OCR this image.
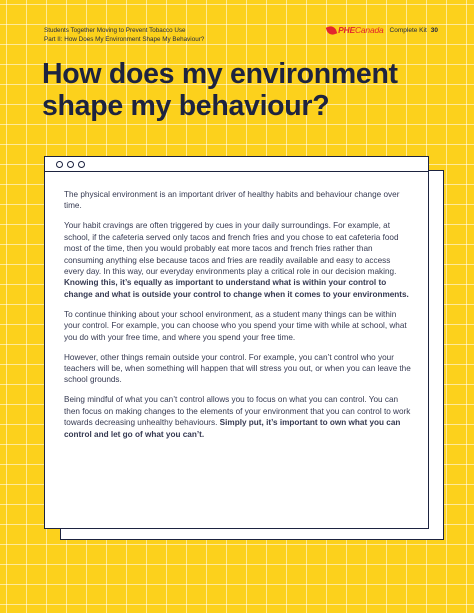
Students Together Moving to Prevent Tobacco Use
Part II: How Does My Environment Shape My Behaviour?
PHECanada Complete Kit 30
How does my environment
shape my behaviour?

The physical environment is an important driver of healthy habits and behaviour change over time.

Your habit cravings are often triggered by cues in your daily surroundings. For example, at school, if the cafeteria served only tacos and french fries and you chose to eat cafeteria food most of the time, then you would probably eat more tacos and french fries rather than consuming anything else because tacos and fries are readily available and easy to access every day. In this way, our everyday environments play a critical role in our decision making. Knowing this, it’s equally as important to understand what is within your control to change and what is outside your control to change when it comes to your environments.

To continue thinking about your school environment, as a student many things can be within your control. For example, you can choose who you spend your time with while at school, what you do with your free time, and where you spend your free time.

However, other things remain outside your control. For example, you can’t control who your teachers will be, when something will happen that will stress you out, or when you can leave the school grounds.

Being mindful of what you can’t control allows you to focus on what you can control. You can then focus on making changes to the elements of your environment that you can control to work towards decreasing unhealthy behaviours. Simply put, it’s important to own what you can control and let go of what you can’t.
